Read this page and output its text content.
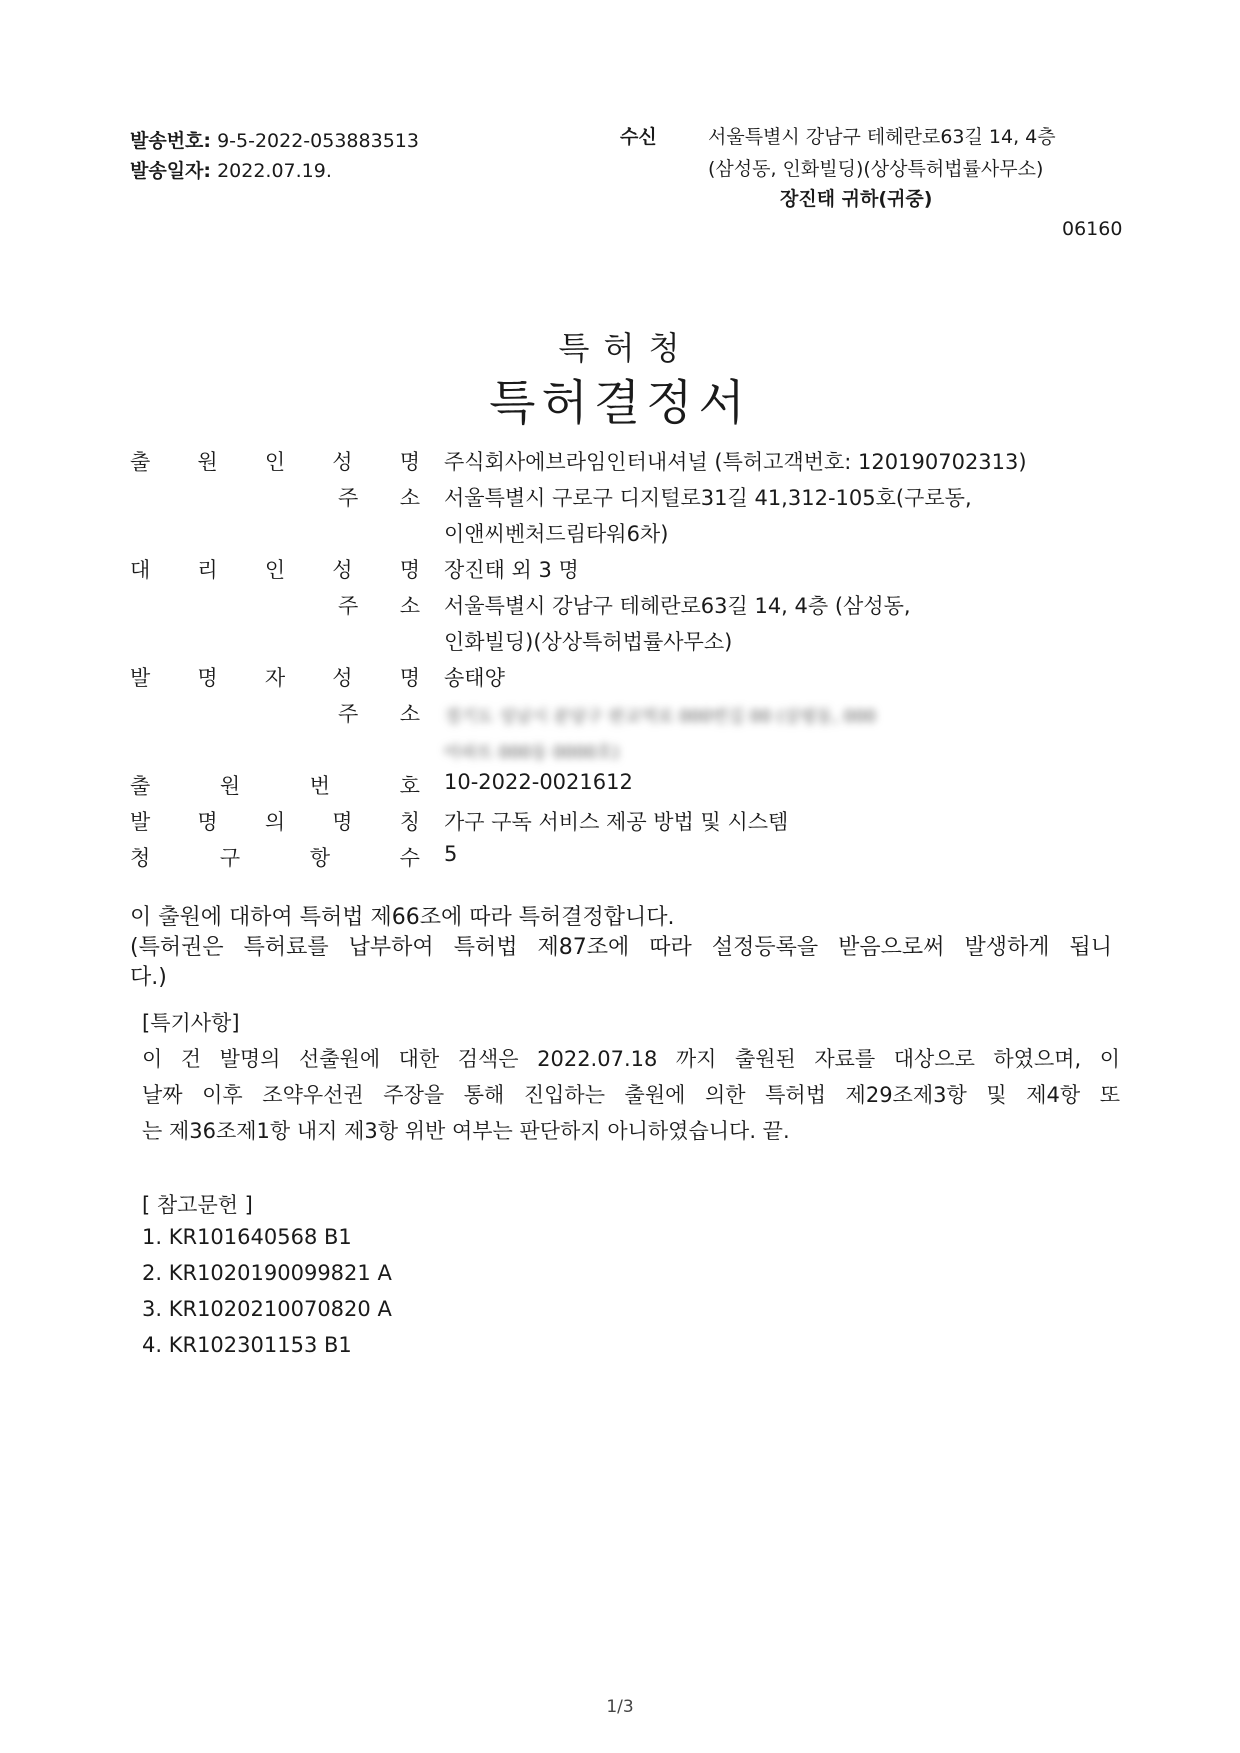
발송번호: 9-5-2022-053883513
발송일자: 2022.07.19.
수신	서울특별시 강남구 테헤란로63길 14, 4층
(삼성동, 인화빌딩)(상상특허법률사무소)
장진태 귀하(귀중)
06160
특 허 청
특허결정서
출 원 인 성 명 주식회사에브라임인터내셔널 (특허고객번호: 120190702313)
주 소 서울특별시 구로구 디지털로31길 41,312-105호(구로동,
이앤씨벤처드림타워6차)
대 리 인 성 명 장진태 외 3 명
주 소 서울특별시 강남구 테헤란로63길 14, 4층 (삼성동,
인화빌딩)(상상특허법률사무소)
발 명 자 성 명 송태양
주 소 경기도 성남시 분당구 판교역로 000번길 00 (삼평동, 000
아파트 000동 0000호)
출	원	번	호 10-2022-0021612
발 명 의 명 칭 가구 구독 서비스 제공 방법 및 시스템
청	구	항	수 5
이 출원에 대하여 특허법 제66조에 따라 특허결정합니다.
(특허권은 특허료를 납부하여 특허법 제87조에 따라 설정등록을 받음으로써 발생하게 됩니
다.)
[특기사항]
이 건 발명의 선출원에 대한 검색은 2022.07.18 까지 출원된 자료를 대상으로 하였으며, 이
날짜 이후 조약우선권 주장을 통해 진입하는 출원에 의한 특허법 제29조제3항 및 제4항 또
는 제36조제1항 내지 제3항 위반 여부는 판단하지 아니하였습니다. 끝.
[ 참고문헌 ]
1. KR101640568 B1
2. KR1020190099821 A
3. KR1020210070820 A
4. KR102301153 B1
1/3
